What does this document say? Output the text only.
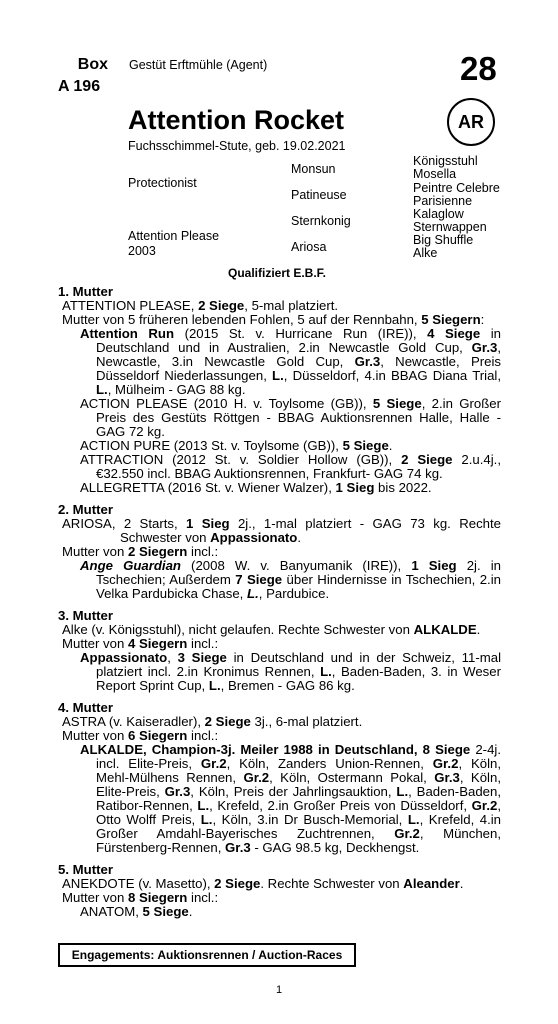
Box
A 196
Gestüt Erftmühle (Agent)	28
AR
Attention Rocket
Fuchsschimmel-Stute, geb. 19.02.2021
Protectionist
Attention Please
2003
Monsun
Patineuse
Sternkonig
Ariosa
Königsstuhl
Mosella
Peintre Celebre
Parisienne
Kalaglow
Sternwappen
Big Shuffle
Alke
Qualifiziert E.B.F.

1. Mutter

ATTENTION PLEASE, 2 Siege, 5-mal platziert.

Mutter von 5 früheren lebenden Fohlen, 5 auf der Rennbahn, 5 Siegern:

Attention Run (2015 St. v. Hurricane Run (IRE)), 4 Siege in Deutschland und in Australien, 2.in Newcastle Gold Cup, Gr.3, Newcastle, 3.in Newcastle Gold Cup, Gr.3, Newcastle, Preis Düsseldorf Niederlassungen, L., Düsseldorf, 4.in BBAG Diana Trial, L., Mülheim - GAG 88 kg.

ACTION PLEASE (2010 H. v. Toylsome (GB)), 5 Siege, 2.in Großer Preis des Gestüts Röttgen - BBAG Auktionsrennen Halle, Halle - GAG 72 kg.

ACTION PURE (2013 St. v. Toylsome (GB)), 5 Siege.

ATTRACTION (2012 St. v. Soldier Hollow (GB)), 2 Siege 2.u.4j., €32.550 incl. BBAG Auktionsrennen, Frankfurt- GAG 74 kg.

ALLEGRETTA (2016 St. v. Wiener Walzer), 1 Sieg bis 2022.

2. Mutter

ARIOSA, 2 Starts, 1 Sieg 2j., 1-mal platziert - GAG 73 kg. Rechte Schwester von Appassionato.

Mutter von 2 Siegern incl.:

Ange Guardian (2008 W. v. Banyumanik (IRE)), 1 Sieg 2j. in Tschechien; Außerdem 7 Siege über Hindernisse in Tschechien, 2.in Velka Pardubicka Chase, L., Pardubice.

3. Mutter

Alke (v. Königsstuhl), nicht gelaufen. Rechte Schwester von ALKALDE.

Mutter von 4 Siegern incl.:

Appassionato, 3 Siege in Deutschland und in der Schweiz, 11-mal platziert incl. 2.in Kronimus Rennen, L., Baden-Baden, 3. in Weser Report Sprint Cup, L., Bremen - GAG 86 kg.

4. Mutter

ASTRA (v. Kaiseradler), 2 Siege 3j., 6-mal platziert.

Mutter von 6 Siegern incl.:

ALKALDE, Champion-3j. Meiler 1988 in Deutschland, 8 Siege 2-4j. incl. Elite-Preis, Gr.2, Köln, Zanders Union-Rennen, Gr.2, Köln, Mehl-Mülhens Rennen, Gr.2, Köln, Ostermann Pokal, Gr.3, Köln, Elite-Preis, Gr.3, Köln, Preis der Jahrlingsauktion, L., Baden-Baden, Ratibor-Rennen, L., Krefeld, 2.in Großer Preis von Düsseldorf, Gr.2, Otto Wolff Preis, L., Köln, 3.in Dr Busch-Memorial, L., Krefeld, 4.in Großer Amdahl-Bayerisches Zuchtrennen, Gr.2, München, Fürstenberg-Rennen, Gr.3 - GAG 98.5 kg, Deckhengst.

5. Mutter

ANEKDOTE (v. Masetto), 2 Siege. Rechte Schwester von Aleander.

Mutter von 8 Siegern incl.:

ANATOM, 5 Siege.

Engagements: Auktionsrennen / Auction-Races
1
